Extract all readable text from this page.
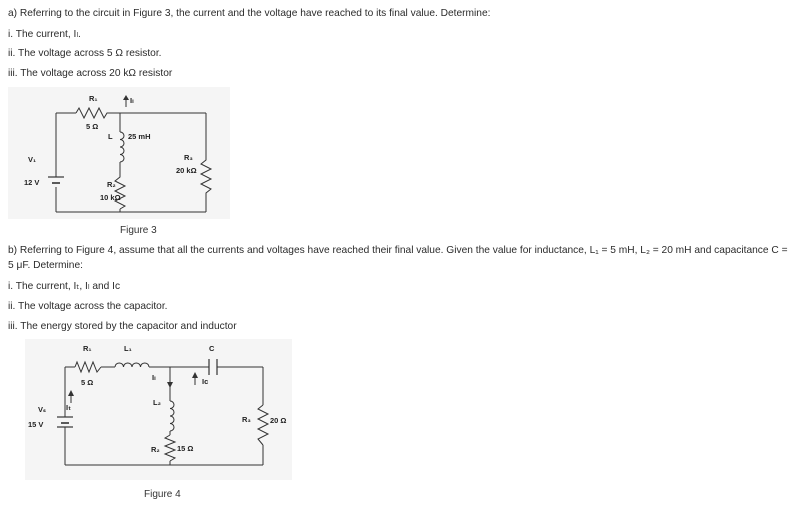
a) Referring to the circuit in Figure 3, the current and the voltage have reached to its final value. Determine:
i. The current, Iₗ.
ii. The voltage across 5 Ω resistor.
iii. The voltage across 20 kΩ resistor
R₁
5 Ω
Iₗ
L 25 mH
V₁
12 V	R₂
10 kΩ
R₃
20 kΩ
Figure 3
b) Referring to Figure 4, assume that all the currents and voltages have reached their final value. Given the value for inductance, L₁ = 5 mH, L₂ = 20 mH and capacitance C = 5 μF. Determine:
i. The current, Iₜ, Iₗ and Iᴄ
ii. The voltage across the capacitor.
iii. The energy stored by the capacitor and inductor
R₁
5 Ω
L₁
Iₗ	Iᴄ
C
Iₜ
L₂
Vₛ
15 V
R₃	20 Ω
R₂ 15 Ω
Figure 4
